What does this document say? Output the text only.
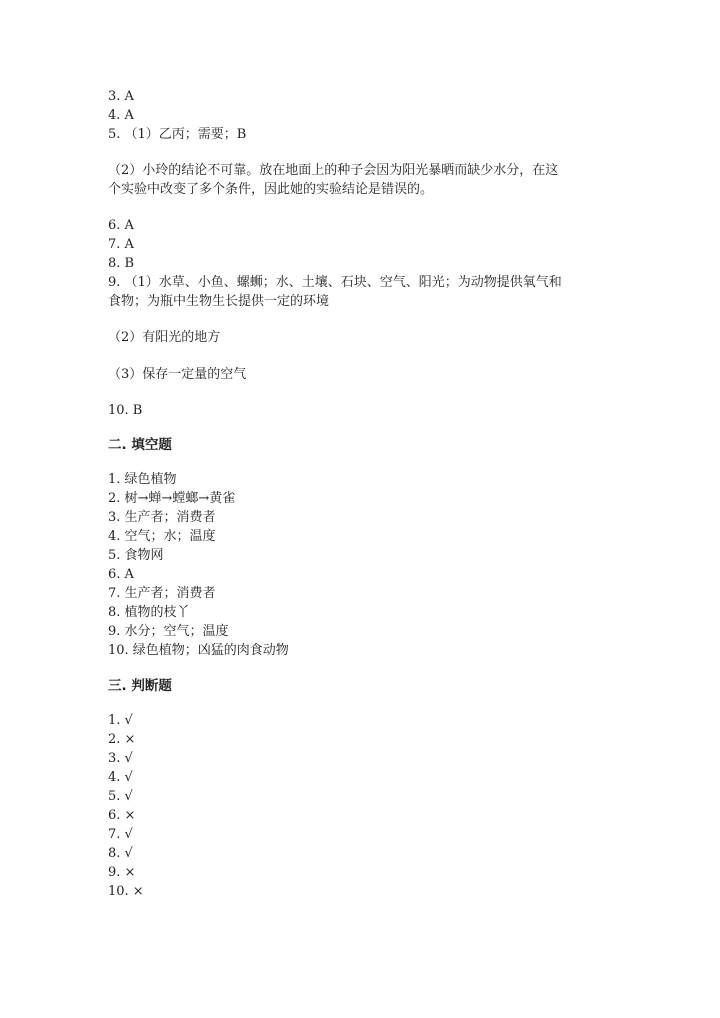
3. A
4. A
5. （1）乙丙；需要；B
（2）小玲的结论不可靠。放在地面上的种子会因为阳光暴晒而缺少水分，在这
个实验中改变了多个条件，因此她的实验结论是错误的。
6. A
7. A
8. B
9. （1）水草、小鱼、螺蛳；水、土壤、石块、空气、阳光；为动物提供氧气和
食物；为瓶中生物生长提供一定的环境
（2）有阳光的地方
（3）保存一定量的空气
10. B
二. 填空题
1. 绿色植物
2. 树→蝉→螳螂→黄雀
3. 生产者；消费者
4. 空气；水；温度
5. 食物网
6. A
7. 生产者；消费者
8. 植物的枝丫
9. 水分；空气；温度
10. 绿色植物；凶猛的肉食动物
三. 判断题
1. √
2. ×
3. √
4. √
5. √
6. ×
7. √
8. √
9. ×
10. ×
